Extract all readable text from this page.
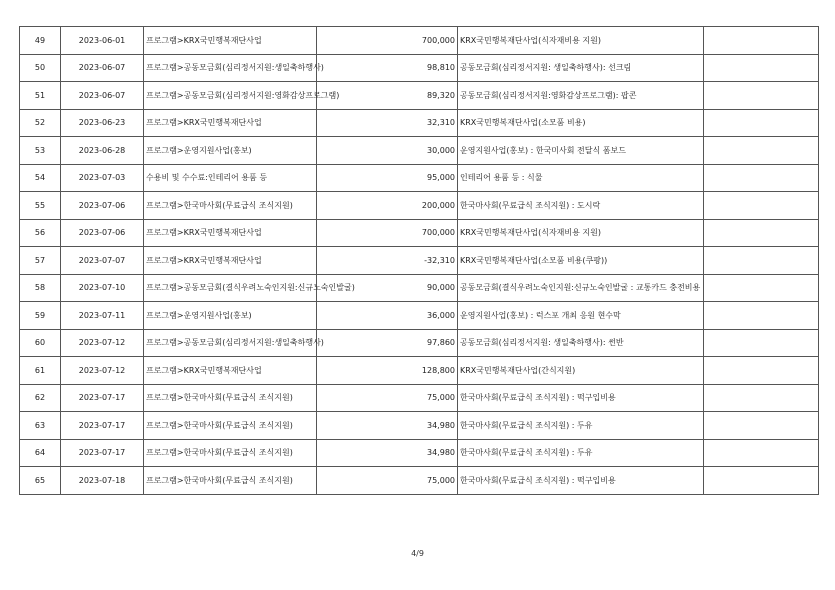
49	2023-06-01	프로그램>KRX국민행복재단사업	700,000	KRX국민행복재단사업(식자재비용 지원)	
50	2023-06-07	프로그램>공동모금회(심리정서지원:생일축하행사)	98,810	공동모금회(심리정서지원: 생일축하행사): 선크림	
51	2023-06-07	프로그램>공동모금회(심리정서지원:영화감상프로그램)	89,320	공동모금회(심리정서지원:영화감상프로그램): 팝콘	
52	2023-06-23	프로그램>KRX국민행복재단사업	32,310	KRX국민행복재단사업(소모품 비용)	
53	2023-06-28	프로그램>운영지원사업(홍보)	30,000	운영지원사업(홍보) : 한국미사회 전달식 폼보드	
54	2023-07-03	수용비 및 수수료:인테리어 용품 등	95,000	인테리어 용품 등 : 식물	
55	2023-07-06	프로그램>한국마사회(무료급식 조식지원)	200,000	한국마사회(무료급식 조식지원) : 도시락	
56	2023-07-06	프로그램>KRX국민행복재단사업	700,000	KRX국민행복재단사업(식자재비용 지원)	
57	2023-07-07	프로그램>KRX국민행복재단사업	-32,310	KRX국민행복재단사업(소모품 비용(쿠팡))	
58	2023-07-10	프로그램>공동모금회(결식우려노숙인지원:신규노숙인발굴)	90,000	공동모금회(결식우려노숙인지원:신규노숙인발굴 : 교통카드 충전비용	
59	2023-07-11	프로그램>운영지원사업(홍보)	36,000	운영지원사업(홍보) : 럭스포 개최 응원 현수막	
60	2023-07-12	프로그램>공동모금회(심리정서지원:생일축하행사)	97,860	공동모금회(심리정서지원: 생일축하행사): 썬반	
61	2023-07-12	프로그램>KRX국민행복재단사업	128,800	KRX국민행복재단사업(간식지원)	
62	2023-07-17	프로그램>한국마사회(무료급식 조식지원)	75,000	한국마사회(무료급식 조식지원) : 떡구입비용	
63	2023-07-17	프로그램>한국마사회(무료급식 조식지원)	34,980	한국마사회(무료급식 조식지원) : 두유	
64	2023-07-17	프로그램>한국마사회(무료급식 조식지원)	34,980	한국마사회(무료급식 조식지원) : 두유	
65	2023-07-18	프로그램>한국마사회(무료급식 조식지원)	75,000	한국마사회(무료급식 조식지원) : 떡구입비용	
4/9
